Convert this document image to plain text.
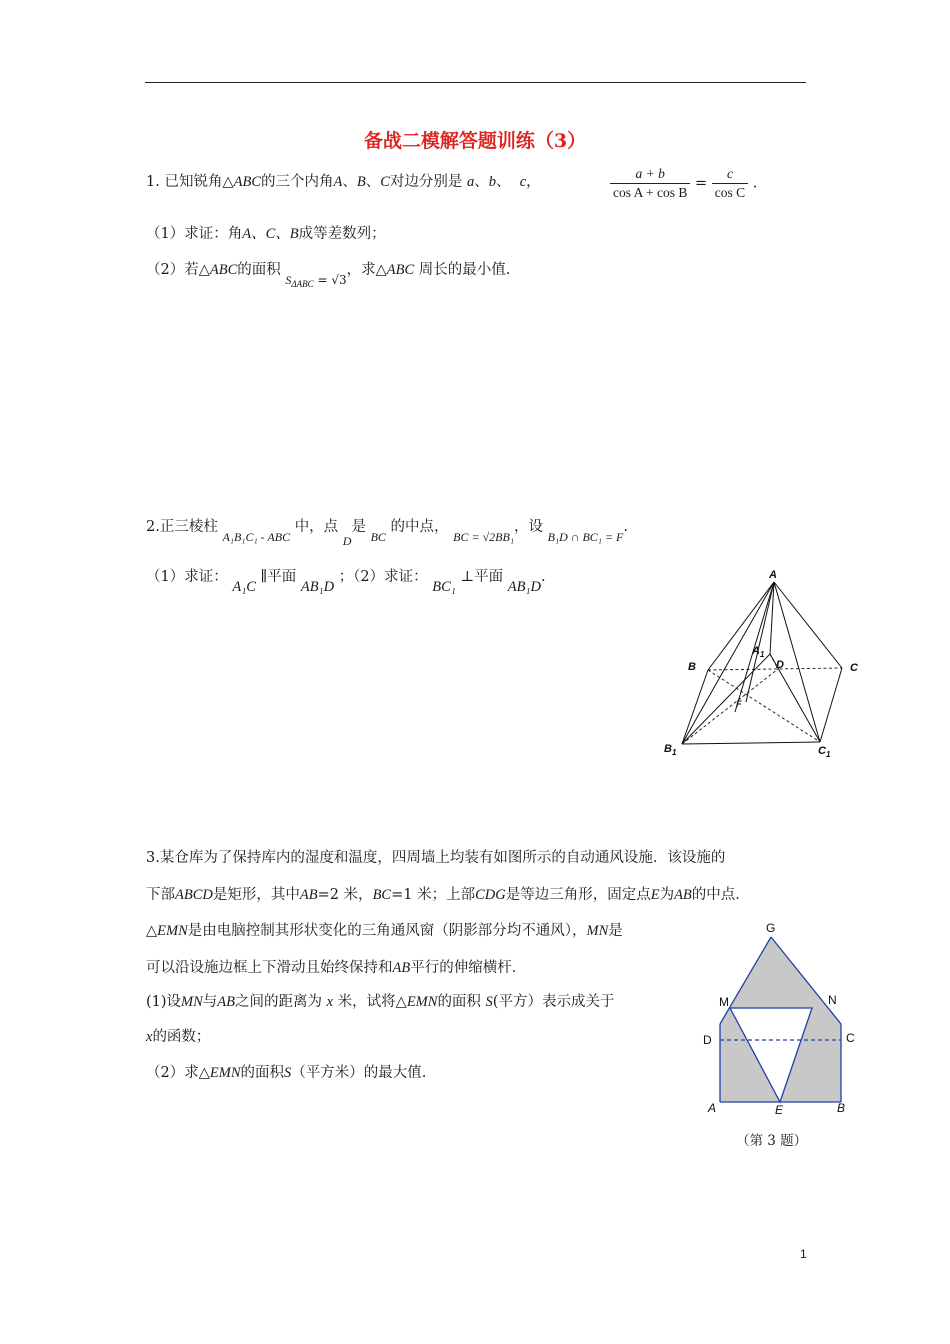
备战二模解答题训练（3）
1. 已知锐角△ABC的三个内角A、B、C对边分别是 a、b、 c，	$\frac{a + b}{\text{cos A + cos B}} = \frac{c}{\text{cos C}}$ .
（1）求证：角A、C、B成等差数列；
（2）若△ABC的面积 $_{S_{\Delta ABC} = √3}$，求△ABC 周长的最小值.
2.正三棱柱 $_{A_1B_1C_1 - ABC}$ 中，点 $_D$是 $_{BC}$ 的中点， $_{BC = √2BB_1}$，设 $_{B_1D \cap BC_1 = F}$.
（1）求证： A₁C ∥平面 AB₁D ；（2）求证： BC₁ ⊥平面 AB₁D.	A
$A_1$
D
B	C
F
$B_1$	$C_1$
3.某仓库为了保持库内的湿度和温度，四周墙上均装有如图所示的自动通风设施．该设施的
下部ABCD是矩形，其中AB=2 米，BC=1 米；上部CDG是等边三角形，固定点E为AB的中点．
△EMN是由电脑控制其形状变化的三角通风窗（阴影部分均不通风），MN是
可以沿设施边框上下滑动且始终保持和AB平行的伸缩横杆．
(1)设MN与AB之间的距离为 x 米，试将△EMN的面积 S(平方）表示成关于
x的函数；
（2）求△EMN的面积S（平方米）的最大值.
G
M	N
D	C
A	E	B
（第 3 题）
1
